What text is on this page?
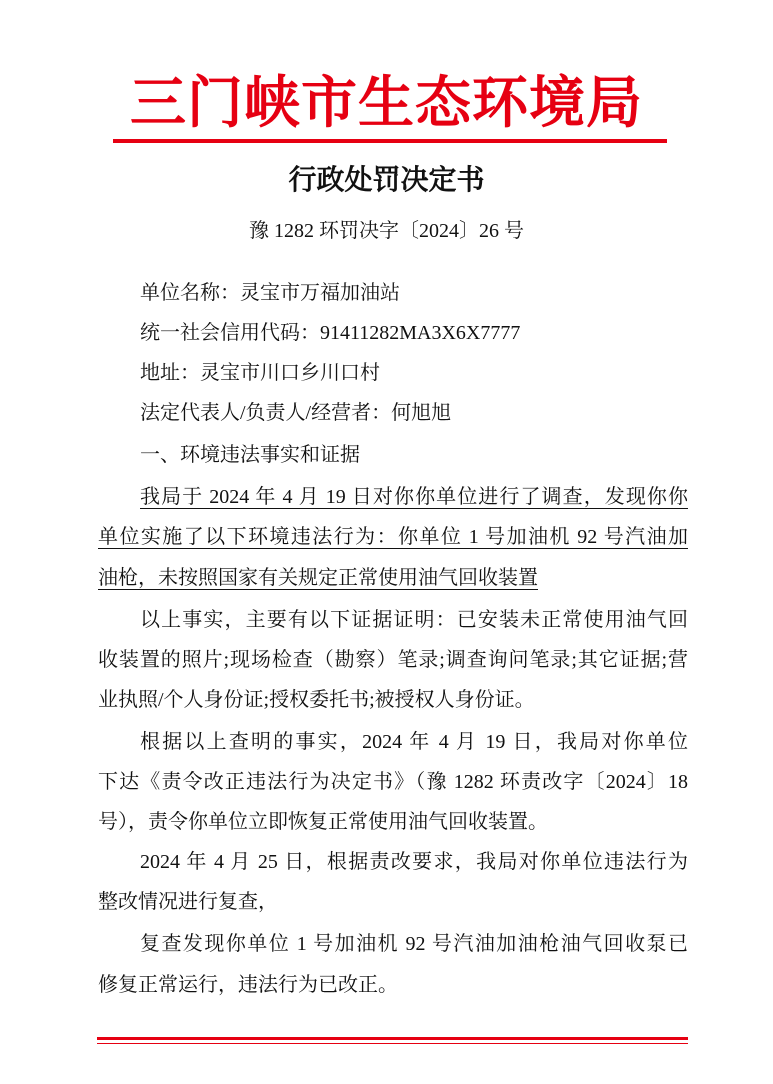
三门峡市生态环境局
行政处罚决定书
豫 1282 环罚决字〔2024〕26 号
单位名称：灵宝市万福加油站
统一社会信用代码：91411282MA3X6X7777
地址：灵宝市川口乡川口村
法定代表人/负责人/经营者：何旭旭
一、环境违法事实和证据
我局于 2024 年 4 月 19 日对你你单位进行了调查，发现你你
单位实施了以下环境违法行为：你单位 1 号加油机 92 号汽油加
油枪，未按照国家有关规定正常使用油气回收装置
以上事实，主要有以下证据证明：已安装未正常使用油气回
收装置的照片;现场检查（勘察）笔录;调查询问笔录;其它证据;营
业执照/个人身份证;授权委托书;被授权人身份证。
根据以上查明的事实，2024 年 4 月 19 日，我局对你单位
下达《责令改正违法行为决定书》（豫 1282 环责改字〔2024〕18
号），责令你单位立即恢复正常使用油气回收装置。
2024 年 4 月 25 日，根据责改要求，我局对你单位违法行为
整改情况进行复查，
复查发现你单位 1 号加油机 92 号汽油加油枪油气回收泵已
修复正常运行，违法行为已改正。
